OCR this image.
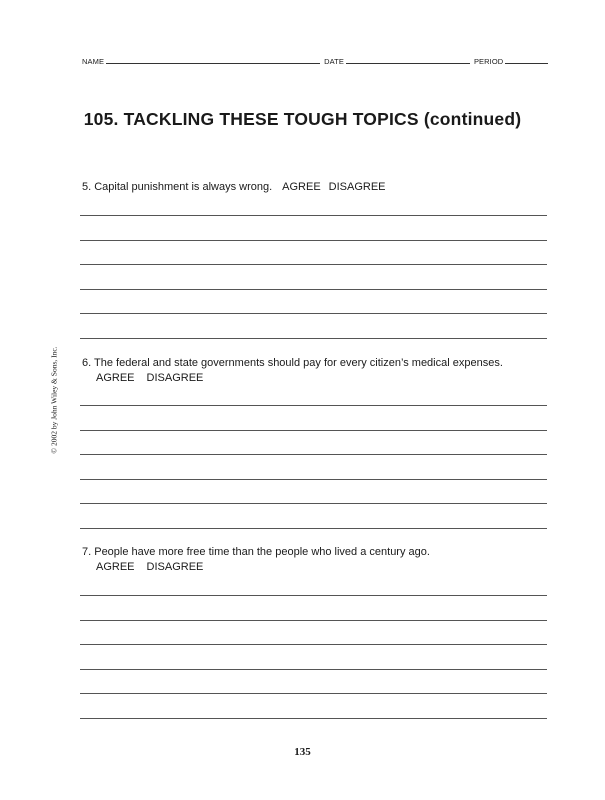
NAME	DATE	PERIOD
105. TACKLING THESE TOUGH TOPICS (continued)
© 2002 by John Wiley & Sons, Inc.
5. Capital punishment is always wrong. AGREE DISAGREE
6. The federal and state governments should pay for every citizen’s medical expenses.
AGREE DISAGREE
7. People have more free time than the people who lived a century ago.
AGREE DISAGREE
135
